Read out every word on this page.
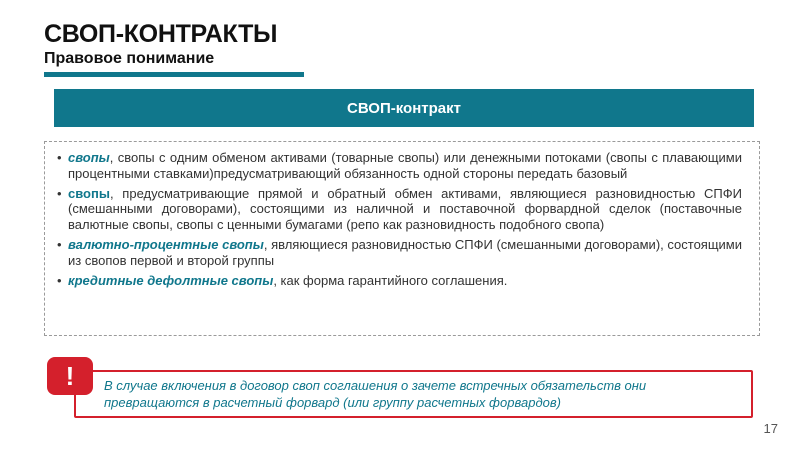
СВОП-КОНТРАКТЫ
Правовое понимание
СВОП-контракт
• свопы, свопы с одним обменом активами (товарные свопы) или денежными потоками (свопы с плавающими процентными ставками)предусматривающий обязанность одной стороны передать базовый
• свопы, предусматривающие прямой и обратный обмен активами, являющиеся разновидностью СПФИ (смешанными договорами), состоящими из наличной и поставочной форвардной сделок (поставочные валютные свопы, свопы с ценными бумагами (репо как разновидность подобного свопа)
• валютно-процентные свопы, являющиеся разновидностью СПФИ (смешанными договорами), состоящими из свопов первой и второй группы
• кредитные дефолтные свопы, как форма гарантийного соглашения.
В случае включения в договор своп соглашения о зачете встречных обязательств они превращаются в расчетный форвард (или группу расчетных форвардов)
!
17
